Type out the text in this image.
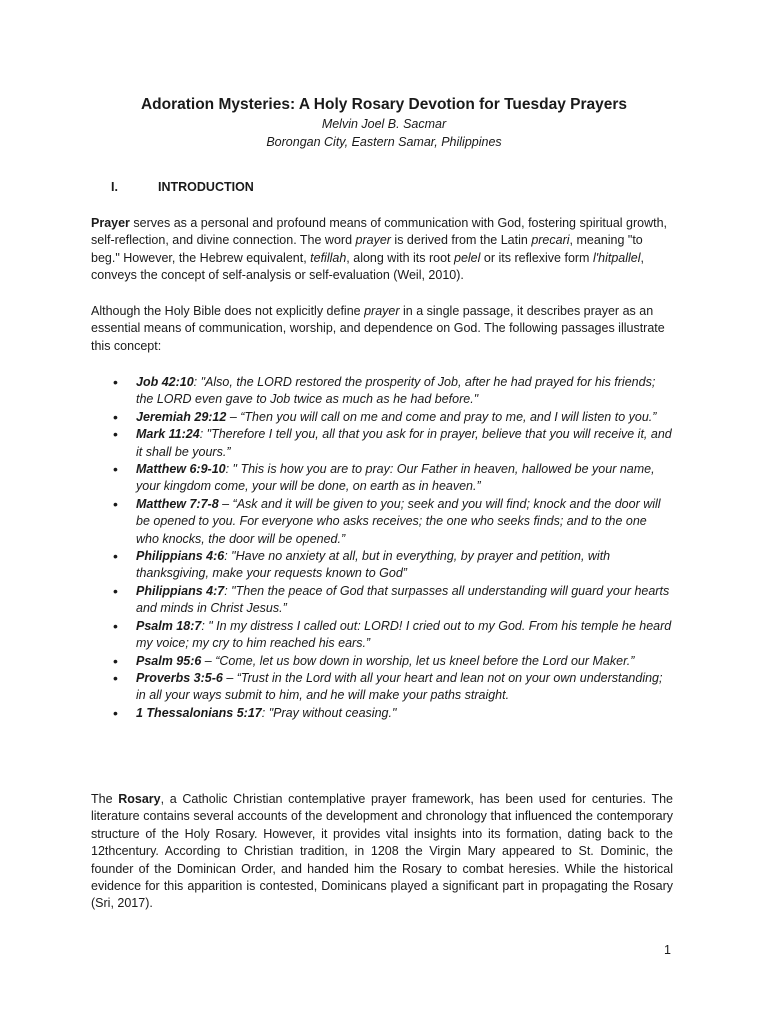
Adoration Mysteries: A Holy Rosary Devotion for Tuesday Prayers
Melvin Joel B. Sacmar
Borongan City, Eastern Samar, Philippines
I.	INTRODUCTION

Prayer serves as a personal and profound means of communication with God, fostering spiritual growth, self-reflection, and divine connection. The word prayer is derived from the Latin precari, meaning "to beg." However, the Hebrew equivalent, tefillah, along with its root pelel or its reflexive form l'hitpallel, conveys the concept of self-analysis or self-evaluation (Weil, 2010).

Although the Holy Bible does not explicitly define prayer in a single passage, it describes prayer as an essential means of communication, worship, and dependence on God. The following passages illustrate this concept:

• Job 42:10: "Also, the LORD restored the prosperity of Job, after he had prayed for his friends; the LORD even gave to Job twice as much as he had before."
• Jeremiah 29:12 – “Then you will call on me and come and pray to me, and I will listen to you.”
• Mark 11:24: "Therefore I tell you, all that you ask for in prayer, believe that you will receive it, and it shall be yours.”
• Matthew 6:9-10: " This is how you are to pray: Our Father in heaven, hallowed be your name, your kingdom come, your will be done, on earth as in heaven.”
• Matthew 7:7-8 – “Ask and it will be given to you; seek and you will find; knock and the door will be opened to you. For everyone who asks receives; the one who seeks finds; and to the one who knocks, the door will be opened.”
• Philippians 4:6: "Have no anxiety at all, but in everything, by prayer and petition, with thanksgiving, make your requests known to God”
• Philippians 4:7: "Then the peace of God that surpasses all understanding will guard your hearts and minds in Christ Jesus.”
• Psalm 18:7: " In my distress I called out: LORD! I cried out to my God. From his temple he heard my voice; my cry to him reached his ears.”
• Psalm 95:6 – “Come, let us bow down in worship, let us kneel before the Lord our Maker.”
• Proverbs 3:5-6 – “Trust in the Lord with all your heart and lean not on your own understanding; in all your ways submit to him, and he will make your paths straight.
• 1 Thessalonians 5:17: "Pray without ceasing."

The Rosary, a Catholic Christian contemplative prayer framework, has been used for centuries. The literature contains several accounts of the development and chronology that influenced the contemporary structure of the Holy Rosary. However, it provides vital insights into its formation, dating back to the 12thcentury. According to Christian tradition, in 1208 the Virgin Mary appeared to St. Dominic, the founder of the Dominican Order, and handed him the Rosary to combat heresies. While the historical evidence for this apparition is contested, Dominicans played a significant part in propagating the Rosary (Sri, 2017).

1
